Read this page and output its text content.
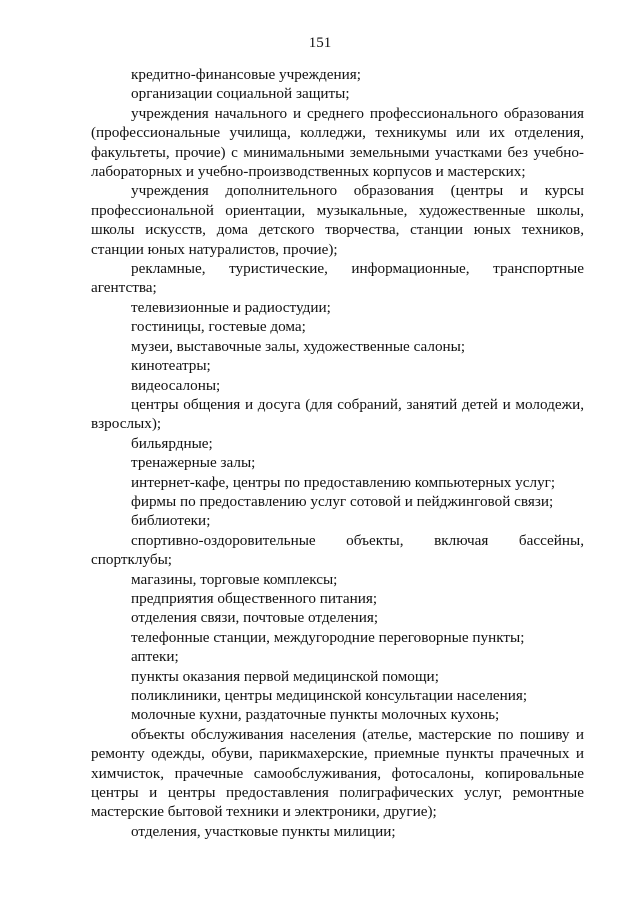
151

кредитно-финансовые учреждения;

организации социальной защиты;

учреждения начального и среднего профессионального образования (профессиональные училища, колледжи, техникумы или их отделения, факультеты, прочие) с минимальными земельными участками без учебно-лабораторных и учебно-производственных корпусов и мастерских;

учреждения дополнительного образования (центры и курсы профессиональной ориентации, музыкальные, художественные школы, школы искусств, дома детского творчества, станции юных техников, станции юных натуралистов, прочие);

рекламные, туристические, информационные, транспортные агентства;

телевизионные и радиостудии;

гостиницы, гостевые дома;

музеи, выставочные залы, художественные салоны;

кинотеатры;

видеосалоны;

центры общения и досуга (для собраний, занятий детей и молодежи, взрослых);

бильярдные;

тренажерные залы;

интернет-кафе, центры по предоставлению компьютерных услуг;

фирмы по предоставлению услуг сотовой и пейджинговой связи;

библиотеки;

спортивно-оздоровительные объекты, включая бассейны, спортклубы;

магазины, торговые комплексы;

предприятия общественного питания;

отделения связи, почтовые отделения;

телефонные станции, междугородние переговорные пункты;

аптеки;

пункты оказания первой медицинской помощи;

поликлиники, центры медицинской консультации населения;

молочные кухни, раздаточные пункты молочных кухонь;

объекты обслуживания населения (ателье, мастерские по пошиву и ремонту одежды, обуви, парикмахерские, приемные пункты прачечных и химчисток, прачечные самообслуживания, фотосалоны, копировальные центры и центры предоставления полиграфических услуг, ремонтные мастерские бытовой техники и электроники, другие);

отделения, участковые пункты милиции;
